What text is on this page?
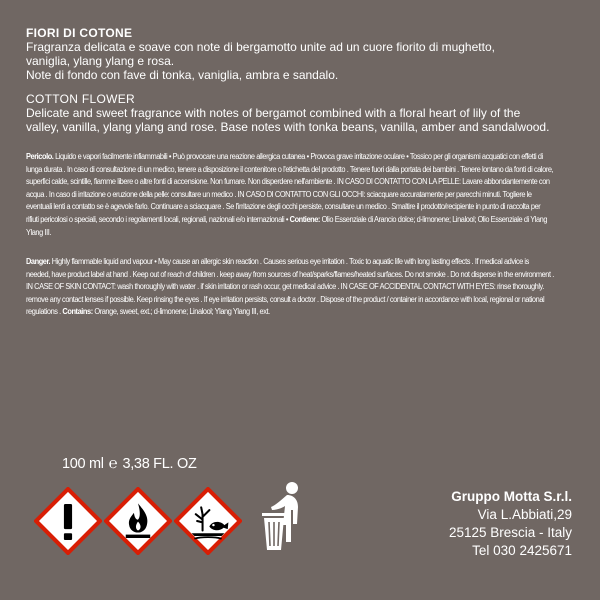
FIORI DI COTONE
Fragranza delicata e soave con note di bergamotto unite ad un cuore fiorito di mughetto,
vaniglia, ylang ylang e rosa.
Note di fondo con fave di tonka, vaniglia, ambra e sandalo.
COTTON FLOWER
Delicate and sweet fragrance with notes of bergamot combined with a floral heart of lily of the
valley, vanilla, ylang ylang and rose. Base notes with tonka beans, vanilla, amber and sandalwood.
Pericolo. Liquido e vapori facilmente infiammabili • Può provocare una reazione allergica cutanea • Provoca grave irritazione oculare • Tossico per gli organismi acquatici con effetti di lunga durata . In caso di consultazione di un medico, tenere a disposizione il contenitore o l'etichetta del prodotto . Tenere fuori dalla portata dei bambini . Tenere lontano da fonti di calore, superfici calde, scintille, fiamme libere o altre fonti di accensione. Non fumare. Non disperdere nell'ambiente . IN CASO DI CONTATTO CON LA PELLE: Lavare abbondantemente con acqua . In caso di irritazione o eruzione della pelle: consultare un medico . IN CASO DI CONTATTO CON GLI OCCHI: sciacquare accuratamente per parecchi minuti. Togliere le eventuali lenti a contatto se è agevole farlo. Continuare a sciacquare . Se l'irritazione degli occhi persiste, consultare un medico . Smaltire il prodotto/recipiente in punto di raccolta per rifiuti pericolosi o speciali, secondo i regolamenti locali, regionali, nazionali e/o internazionali • Contiene: Olio Essenziale di Arancio dolce; d-limonene; Linalool; Olio Essenziale di Ylang Ylang III.
Danger. Highly flammable liquid and vapour • May cause an allergic skin reaction . Causes serious eye irritation . Toxic to aquatic life with long lasting effects . If medical advice is needed, have product label at hand . Keep out of reach of children . keep away from sources of heat/sparks/flames/heated surfaces. Do not smoke . Do not disperse in the environment . IN CASE OF SKIN CONTACT: wash thoroughly with water . if skin irritation or rash occur, get medical advice . IN CASE OF ACCIDENTAL CONTACT WITH EYES: rinse thoroughly. remove any contact lenses if possible. Keep rinsing the eyes . If eye irritation persists, consult a doctor . Dispose of the product / container in accordance with local, regional or national regulations . Contains: Orange, sweet, ext.; d-limonene; Linalool; Ylang Ylang III, ext.
100 ml ℮ 3,38 FL. OZ
Gruppo Motta S.r.l.
Via L.Abbiati,29
25125 Brescia - Italy
Tel 030 2425671
